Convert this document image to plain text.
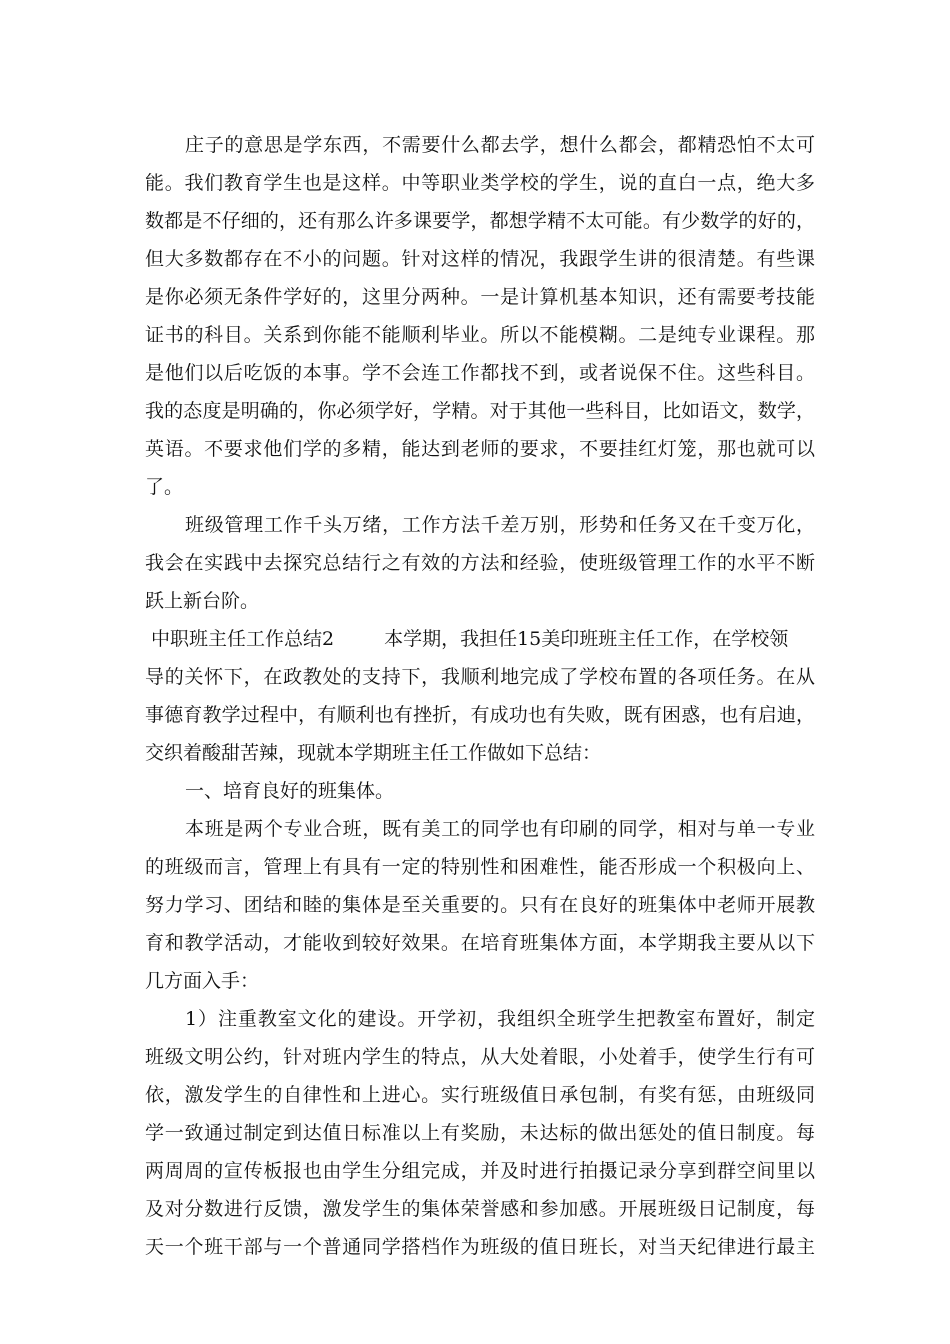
庄子的意思是学东西，不需要什么都去学，想什么都会，都精恐怕不太可
能。我们教育学生也是这样。中等职业类学校的学生，说的直白一点，绝大多
数都是不仔细的，还有那么许多课要学，都想学精不太可能。有少数学的好的，
但大多数都存在不小的问题。针对这样的情况，我跟学生讲的很清楚。有些课
是你必须无条件学好的，这里分两种。一是计算机基本知识，还有需要考技能
证书的科目。关系到你能不能顺利毕业。所以不能模糊。二是纯专业课程。那
是他们以后吃饭的本事。学不会连工作都找不到，或者说保不住。这些科目。
我的态度是明确的，你必须学好，学精。对于其他一些科目，比如语文，数学，
英语。不要求他们学的多精，能达到老师的要求，不要挂红灯笼，那也就可以
了。
班级管理工作千头万绪，工作方法千差万别，形势和任务又在千变万化，
我会在实践中去探究总结行之有效的方法和经验，使班级管理工作的水平不断
跃上新台阶。
中职班主任工作总结2	本学期，我担任15美印班班主任工作，在学校领
导的关怀下，在政教处的支持下，我顺利地完成了学校布置的各项任务。在从
事德育教学过程中，有顺利也有挫折，有成功也有失败，既有困惑，也有启迪，
交织着酸甜苦辣，现就本学期班主任工作做如下总结：
一、培育良好的班集体。
本班是两个专业合班，既有美工的同学也有印刷的同学，相对与单一专业
的班级而言，管理上有具有一定的特别性和困难性，能否形成一个积极向上、
努力学习、团结和睦的集体是至关重要的。只有在良好的班集体中老师开展教
育和教学活动，才能收到较好效果。在培育班集体方面，本学期我主要从以下
几方面入手：
1）注重教室文化的建设。开学初，我组织全班学生把教室布置好，制定
班级文明公约，针对班内学生的特点，从大处着眼，小处着手，使学生行有可
依，激发学生的自律性和上进心。实行班级值日承包制，有奖有惩，由班级同
学一致通过制定到达值日标准以上有奖励，未达标的做出惩处的值日制度。每
两周周的宣传板报也由学生分组完成，并及时进行拍摄记录分享到群空间里以
及对分数进行反馈，激发学生的集体荣誉感和参加感。开展班级日记制度，每
天一个班干部与一个普通同学搭档作为班级的值日班长，对当天纪律进行最主
